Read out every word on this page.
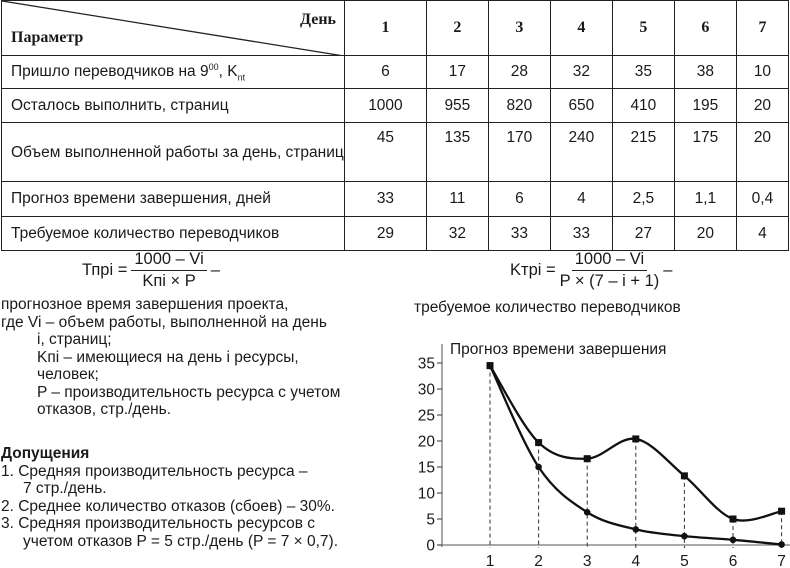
День
Параметр	1	2	3	4	5	6	7
Пришло переводчиков на $9^{00}$, $K_{nt}$	6	17	28	32	35	38	10
Осталось выполнить, страниц	1000	955	820	650	410	195	20
Объем выполненной работы за день, страниц	45	135	170	240	215	175	20
Прогноз времени завершения, дней	33	11	6	4	2,5	1,1	0,4
Требуемое количество переводчиков	29	32	33	33	27	20	4
Тпрi = $\frac{1000 - Vi}{\text{Kпi × P}}$ –	Kтрi = $\frac{1000 - Vi}{P \times (7 - i + 1)}$ –
требуемое количество переводчиков
прогнозное время завершения проекта,
где Vi – объем работы, выполненной на день
i, страниц;
Kпi – имеющиеся на день i ресурсы,
человек;
P – производительность ресурса с учетом
отказов, стр./день.
Допущения
1. Средняя производительность ресурса –
7 стр./день.
2. Среднее количество отказов (сбоев) – 30%.
3. Средняя производительность ресурсов с
учетом отказов P = 5 стр./день (P = 7 × 0,7).
Прогноз времени завершения
0
5
10
15
20
25
30
35
1	2	3	4	5	6	7
